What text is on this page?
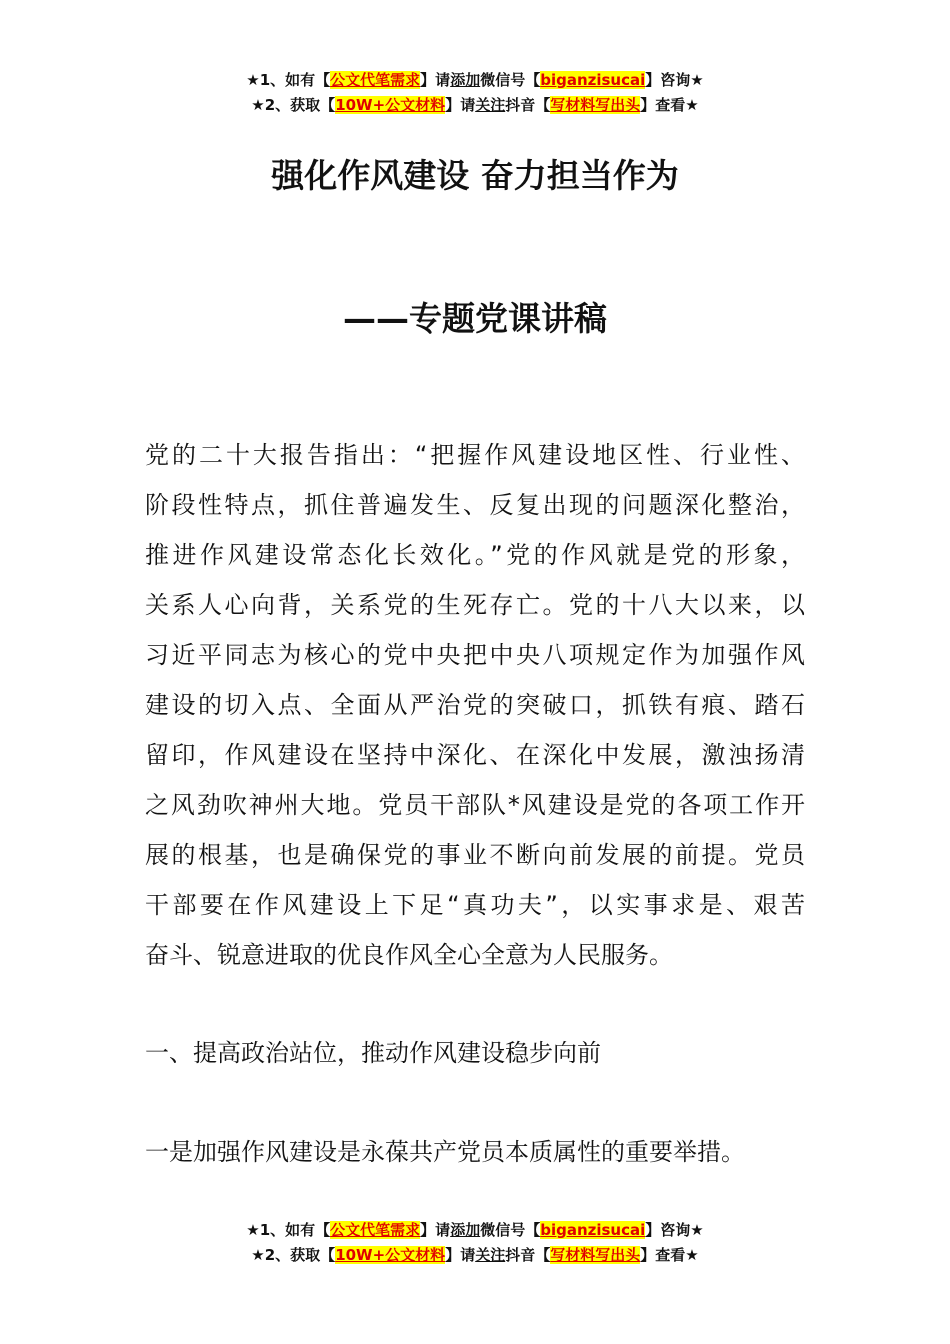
★1、如有【公文代笔需求】请添加微信号【biganzisucai】咨询★
★2、获取【10W+公文材料】请关注抖音【写材料写出头】查看★
强化作风建设 奋力担当作为
——专题党课讲稿
党的二十大报告指出：“把握作风建设地区性、行业性、
阶段性特点，抓住普遍发生、反复出现的问题深化整治，
推进作风建设常态化长效化。”党的作风就是党的形象，
关系人心向背，关系党的生死存亡。党的十八大以来，以
习近平同志为核心的党中央把中央八项规定作为加强作风
建设的切入点、全面从严治党的突破口，抓铁有痕、踏石
留印，作风建设在坚持中深化、在深化中发展，激浊扬清
之风劲吹神州大地。党员干部队*风建设是党的各项工作开
展的根基，也是确保党的事业不断向前发展的前提。党员
干部要在作风建设上下足“真功夫”，以实事求是、艰苦
奋斗、锐意进取的优良作风全心全意为人民服务。
一、提高政治站位，推动作风建设稳步向前
一是加强作风建设是永葆共产党员本质属性的重要举措。
★1、如有【公文代笔需求】请添加微信号【biganzisucai】咨询★
★2、获取【10W+公文材料】请关注抖音【写材料写出头】查看★
